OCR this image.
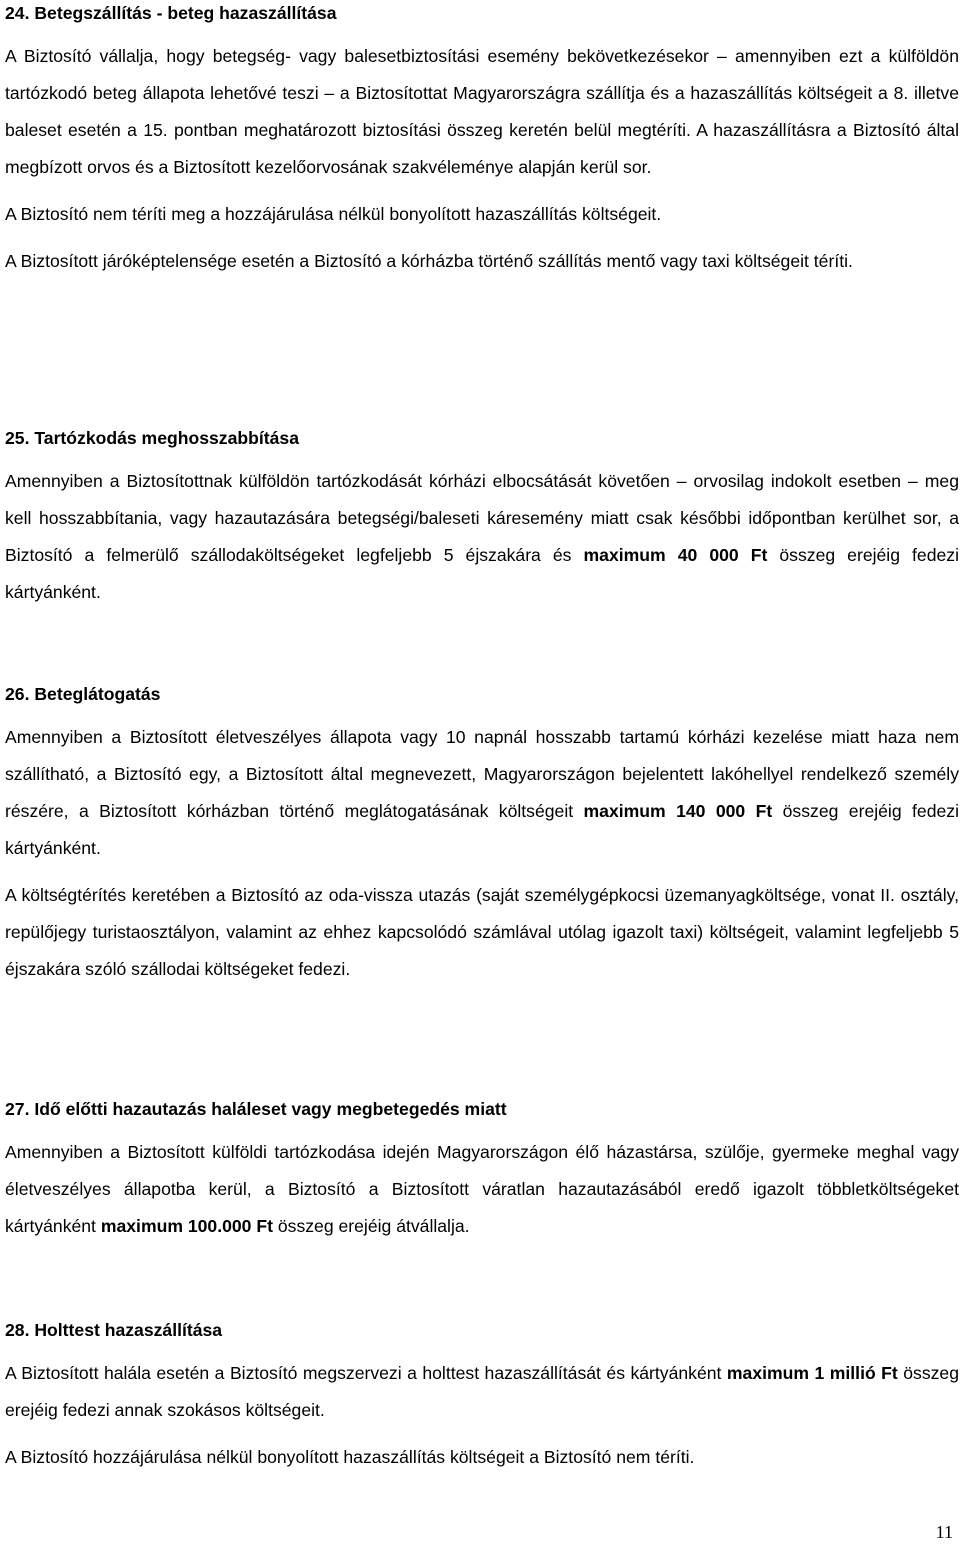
24. Betegszállítás - beteg hazaszállítása

A Biztosító vállalja, hogy betegség- vagy balesetbiztosítási esemény bekövetkezésekor – amennyiben ezt a külföldön tartózkodó beteg állapota lehetővé teszi – a Biztosítottat Magyarországra szállítja és a hazaszállítás költségeit a 8. illetve baleset esetén a 15. pontban meghatározott biztosítási összeg keretén belül megtéríti. A hazaszállításra a Biztosító által megbízott orvos és a Biztosított kezelőorvosának szakvéleménye alapján kerül sor.

A Biztosító nem téríti meg a hozzájárulása nélkül bonyolított hazaszállítás költségeit.

A Biztosított járóképtelensége esetén a Biztosító a kórházba történő szállítás mentő vagy taxi költségeit téríti.

25. Tartózkodás meghosszabbítása

Amennyiben a Biztosítottnak külföldön tartózkodását kórházi elbocsátását követően – orvosilag indokolt esetben – meg kell hosszabbítania, vagy hazautazására betegségi/baleseti káresemény miatt csak későbbi időpontban kerülhet sor, a Biztosító a felmerülő szállodaköltségeket legfeljebb 5 éjszakára és maximum 40 000 Ft összeg erejéig fedezi kártyánként.

26. Beteglátogatás

Amennyiben a Biztosított életveszélyes állapota vagy 10 napnál hosszabb tartamú kórházi kezelése miatt haza nem szállítható, a Biztosító egy, a Biztosított által megnevezett, Magyarországon bejelentett lakóhellyel rendelkező személy részére, a Biztosított kórházban történő meglátogatásának költségeit maximum 140 000 Ft összeg erejéig fedezi kártyánként.

A költségtérítés keretében a Biztosító az oda-vissza utazás (saját személygépkocsi üzemanyagköltsége, vonat II. osztály, repülőjegy turistaosztályon, valamint az ehhez kapcsolódó számlával utólag igazolt taxi) költségeit, valamint legfeljebb 5 éjszakára szóló szállodai költségeket fedezi.

27. Idő előtti hazautazás haláleset vagy megbetegedés miatt

Amennyiben a Biztosított külföldi tartózkodása idején Magyarországon élő házastársa, szülője, gyermeke meghal vagy életveszélyes állapotba kerül, a Biztosító a Biztosított váratlan hazautazásából eredő igazolt többletköltségeket kártyánként maximum 100.000 Ft összeg erejéig átvállalja.

28. Holttest hazaszállítása

A Biztosított halála esetén a Biztosító megszervezi a holttest hazaszállítását és kártyánként maximum 1 millió Ft összeg erejéig fedezi annak szokásos költségeit.

A Biztosító hozzájárulása nélkül bonyolított hazaszállítás költségeit a Biztosító nem téríti.

11
